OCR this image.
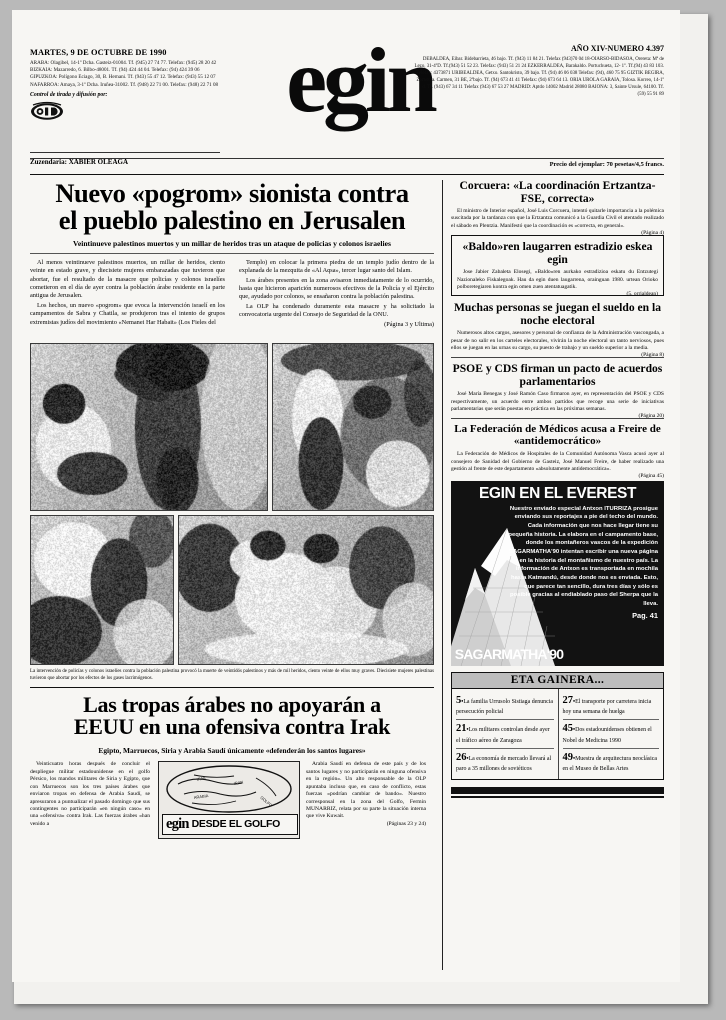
MARTES, 9 DE OCTUBRE DE 1990
ARABA: Olagibel, 14-1º Dcha. Gasteiz-01004. Tf. (945) 27 74 77. Telefax: (945) 28 20 42 BIZKAIA: Mazarredo, 6. Bilbo-48001. Tf. (94) 424 44 04. Telefax: (94) 424 39 06 GIPUZKOA: Polígono Eciago, 30, B. Hernani. Tf. (943) 55 47 12. Telefax: (943) 55 12 07 NAFARROA: Amaya, 3-1º Dcha. Iruñea-31002. Tf. (948) 22 71 00. Telefax: (948) 22 71 08
Control de tirada y difusión por:
Zuzendaria: XABIER OLEAGA
egin	AÑO XIV-NUMERO 4.397
DEBALDEA, Eibar. Bidebarrieta, 46 bajo. Tf. (943) 11 84 21. Telefax (943)70 0d 18-OIARSO-BIDASOA, Orereta: Mª de Lezo, 31-4ºD. Tf.(943) 51 52 23. Telefax: (943) 51 21 24 EZKERRALDEA, Barakaldo. Portuchueta, 12- 1º. Tf.(94) 43 83 103. Telefax: 4373871 URIBEALDEA, Getxo. Santokristo, 39 bajo. Tf. (94) 46 06 038 Telefax: (94), 460 75 95 GIZTIK BEGIRA, Zornotza. Carmen, 31 BE, 2ºbajo. Tf. (94) 673 41 41 Telefax: (94) 673 64 13. ORIA UROLA GARAIA, Tolosa. Korreo, 14-1º d. Tf. (943) 67 34 11 Telefax (943) 67 53 27 MADRID: Aptdo 14002 Madrid 28080 BAIONA: 3, Sainte Ursule, 64100. Tf. (59) 55 91 89
Precio del ejemplar: 70 pesetas/4,5 francs.
Nuevo «pogrom» sionista contra
el pueblo palestino en Jerusalen
Veintinueve palestinos muertos y un millar de heridos tras un ataque de policias y colonos israelies

Al menos veintinueve palestinos muertos, un millar de heridos, ciento veinte en estado grave, y diecisiete mujeres embarazadas que tuvieron que abortar, fue el resultado de la masacre que policías y colonos israelíes cometieron en el día de ayer contra la población árabe residente en la parte antigua de Jerusalen.

Los hechos, un nuevo «pogrom» que evoca la intervención israelí en los campamentos de Sabra y Chatila, se produjeron tras el intento de grupos extremistas judíos del movimiento «Nemanei Har Habait» (Los Fieles del

Templo) en colocar la primera piedra de un templo judío dentro de la explanada de la mezquita de «Al Aqsa», tercer lugar santo del Islam.

Los árabes presentes en la zona avisaron inmediatamente de lo ocurrido, hasta que hicieron aparición numerosos efectivos de la Policía y el Ejército que, ayudado por colonos, se ensañaron contra la población palestina.

La OLP ha condenado duramente esta masacre y ha solicitado la convocatoria urgente del Consejo de Seguridad de la ONU.

(Página 3 y Ultima)

La intervención de policías y colonos israelíes contra la población palestina provocó la muerte de veintidós palestinos y más de mil heridos, ciento veinte de ellos muy graves. Diecisiete mujeres palestinas tuvieron que abortar por los efectos de los gases lacrimógenos.
Las tropas árabes no apoyarán a
EEUU en una ofensiva contra Irak
Egipto, Marruecos, Siria y Arabia Saudí únicamente «defenderán los santos lugares»

Veinticuatro horas después de concluir el despliegue militar estadounidense en el golfo Pérsico, los mandos militares de Siria y Egipto, que con Marruecos son los tres países árabes que enviaron tropas en defensa de Arabia Saudí, se apresuraron a puntualizar el pasado domingo que sus contingentes no participarán «en ningún caso» en una «ofensiva» contra Irak. Las fuerzas árabes «han venido a

IRAK
IRAN
ARABIA	GOLFO
egin DESDE EL GOLFO

Arabia Saudí en defensa de este país y de los santos lugares y no participarán en ninguna ofensiva en la región». Un alto responsable de la OLP apuntaba incluso que, en caso de conflicto, estas fuerzas «podrían cambiar de bando». Nuestro corresponsal en la zona del Golfo, Fermin MUNARRIZ, relata por su parte la situación interna que vive Kuwait.

(Páginas 23 y 24)

Corcuera: «La coordinación Ertzantza-FSE, correcta»

El ministro de Interior español, José Luis Corcuera, intentó quitarle importancia a la polémica suscitada por la tardanza con que la Ertzantza comunicó a la Guardia Civil el atentado realizado el sábado en Plentzia. Manifestó que la coordinación es «correcta, en general».

(Página 4)

«Baldo»ren laugarren estradizio eskea egin

Jose Jabier Zabaleta Elosegi, «Baldo»ren aurkako estradizioa eskatu du Entzutegi Nazionaleko Fiskalegoak. Hau da egin duen laugarrena, orainguan 1980. urtean Orioko polboretegiaren kontra egin omen zuen atentatuagatik.

(5. orrialdean)

Muchas personas se juegan el sueldo en la noche electoral

Numerosos altos cargos, asesores y personal de confianza de la Administración vascongada, a pesar de no salir en los carteles electorales, vivirán la noche electoral un tanto nerviosos, pues ellos se juegan en las urnas su cargo, su puesto de trabajo y un sueldo superior a la media.

(Página 8)

PSOE y CDS firman un pacto de acuerdos parlamentarios

José María Benegas y José Ramón Caso firmaron ayer, en representación del PSOE y CDS respectivamente, un acuerdo entre ambos partidos que recoge una serie de iniciativas parlamentarias que serán puestas en práctica en las próximas semanas.

(Página 20)

La Federación de Médicos acusa a Freire de «antidemocrático»

La Federación de Médicos de Hospitales de la Comunidad Autónoma Vasca acusó ayer al consejero de Sanidad del Gobierno de Gasteiz, José Manuel Freire, de haber realizado una gestión al frente de este departamento «absolutamente antidemocrática».

(Página 45)

EGIN EN EL EVEREST
Nuestro enviado especial Antxon ITURRIZA prosigue enviando sus reportajes a pie del techo del mundo. Cada información que nos hace llegar tiene su pequeña historia. La elabora en el campamento base, donde los montañeros vascos de la expedición SAGARMATHA'90 intentan escribir una nueva página en la historia del montañismo de nuestro país. La información de Antxon es transportada en mochila hasta Katmandú, desde donde nos es enviada. Esto, que parece tan sencillo, dura tres días y sólo es posible gracias al endiablado paso del Sherpa que la lleva.
Pag. 41
SAGARMATHA'90
ETA GAINERA...
5•La familia Urrusolo Sistiaga denuncia persecución policial
21•Los militares controlan desde ayer el tráfico aéreo de Zaragoza
26•La economía de mercado llevará al paro a 35 millones de soviéticos
27•El transporte por carretera inicia hoy una semana de huelga
45•Dos estadounidenses obtienen el Nobel de Medicina 1990
49•Muestra de arquitectura neoclásica en el Museo de Bellas Artes
